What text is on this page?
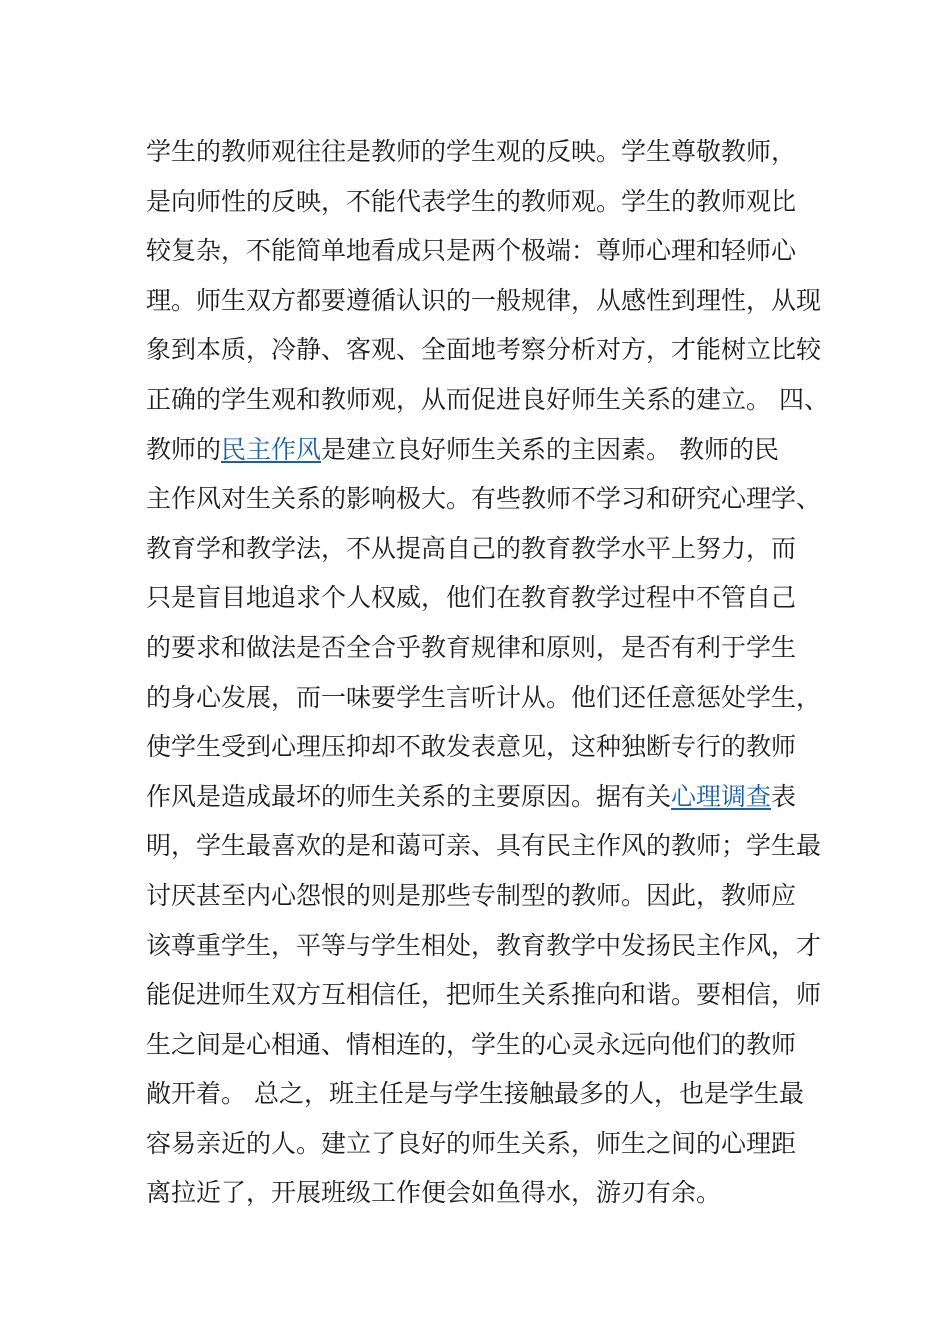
学生的教师观往往是教师的学生观的反映。学生尊敬教师，
是向师性的反映，不能代表学生的教师观。学生的教师观比
较复杂，不能简单地看成只是两个极端：尊师心理和轻师心
理。师生双方都要遵循认识的一般规律，从感性到理性，从现
象到本质，冷静、客观、全面地考察分析对方，才能树立比较
正确的学生观和教师观，从而促进良好师生关系的建立。 四、
教师的民主作风是建立良好师生关系的主因素。 教师的民
主作风对生关系的影响极大。有些教师不学习和研究心理学、
教育学和教学法，不从提高自己的教育教学水平上努力，而
只是盲目地追求个人权威，他们在教育教学过程中不管自己
的要求和做法是否全合乎教育规律和原则，是否有利于学生
的身心发展，而一味要学生言听计从。他们还任意惩处学生，
使学生受到心理压抑却不敢发表意见，这种独断专行的教师
作风是造成最坏的师生关系的主要原因。据有关心理调查表
明，学生最喜欢的是和蔼可亲、具有民主作风的教师；学生最
讨厌甚至内心怨恨的则是那些专制型的教师。因此，教师应
该尊重学生，平等与学生相处，教育教学中发扬民主作风，才
能促进师生双方互相信任，把师生关系推向和谐。要相信，师
生之间是心相通、情相连的，学生的心灵永远向他们的教师
敞开着。 总之，班主任是与学生接触最多的人，也是学生最
容易亲近的人。建立了良好的师生关系，师生之间的心理距
离拉近了，开展班级工作便会如鱼得水，游刃有余。
